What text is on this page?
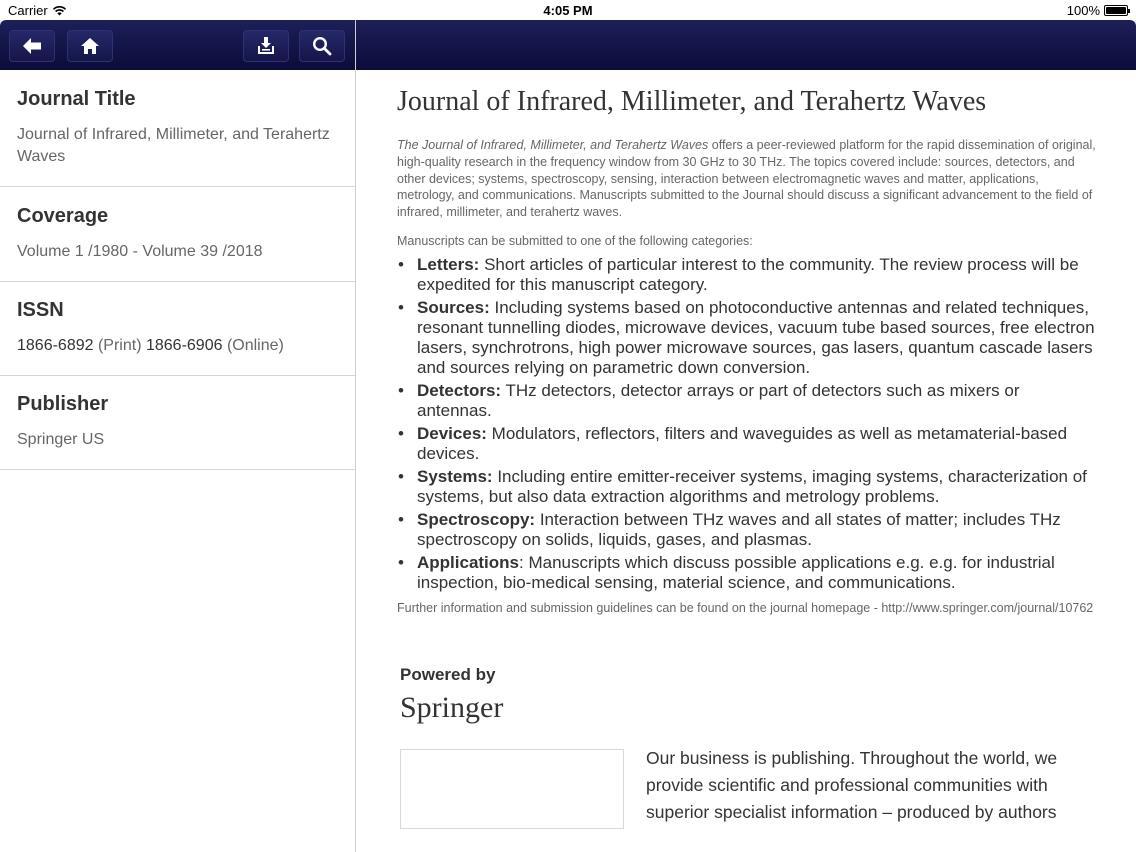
Carrier	4:05 PM	100%
Journal Title
Journal of Infrared, Millimeter, and Terahertz Waves
Coverage
Volume 1 /1980 - Volume 39 /2018
ISSN
1866-6892 (Print) 1866-6906 (Online)
Publisher
Springer US
Journal of Infrared, Millimeter, and Terahertz Waves
The Journal of Infrared, Millimeter, and Terahertz Waves offers a peer-reviewed platform for the rapid dissemination of original, high-quality research in the frequency window from 30 GHz to 30 THz. The topics covered include: sources, detectors, and other devices; systems, spectroscopy, sensing, interaction between electromagnetic waves and matter, applications, metrology, and communications. Manuscripts submitted to the Journal should discuss a significant advancement to the field of infrared, millimeter, and terahertz waves.
Manuscripts can be submitted to one of the following categories:
• Letters: Short articles of particular interest to the community. The review process will be expedited for this manuscript category.
• Sources: Including systems based on photoconductive antennas and related techniques, resonant tunnelling diodes, microwave devices, vacuum tube based sources, free electron lasers, synchrotrons, high power microwave sources, gas lasers, quantum cascade lasers and sources relying on parametric down conversion.
• Detectors: THz detectors, detector arrays or part of detectors such as mixers or antennas.
• Devices: Modulators, reflectors, filters and waveguides as well as metamaterial-based devices.
• Systems: Including entire emitter-receiver systems, imaging systems, characterization of systems, but also data extraction algorithms and metrology problems.
• Spectroscopy: Interaction between THz waves and all states of matter; includes THz spectroscopy on solids, liquids, gases, and plasmas.
• Applications: Manuscripts which discuss possible applications e.g. e.g. for industrial inspection, bio-medical sensing, material science, and communications.
Further information and submission guidelines can be found on the journal homepage - http://www.springer.com/journal/10762
Powered by
Springer
Our business is publishing. Throughout the world, we provide scientific and professional communities with superior specialist information – produced by authors
